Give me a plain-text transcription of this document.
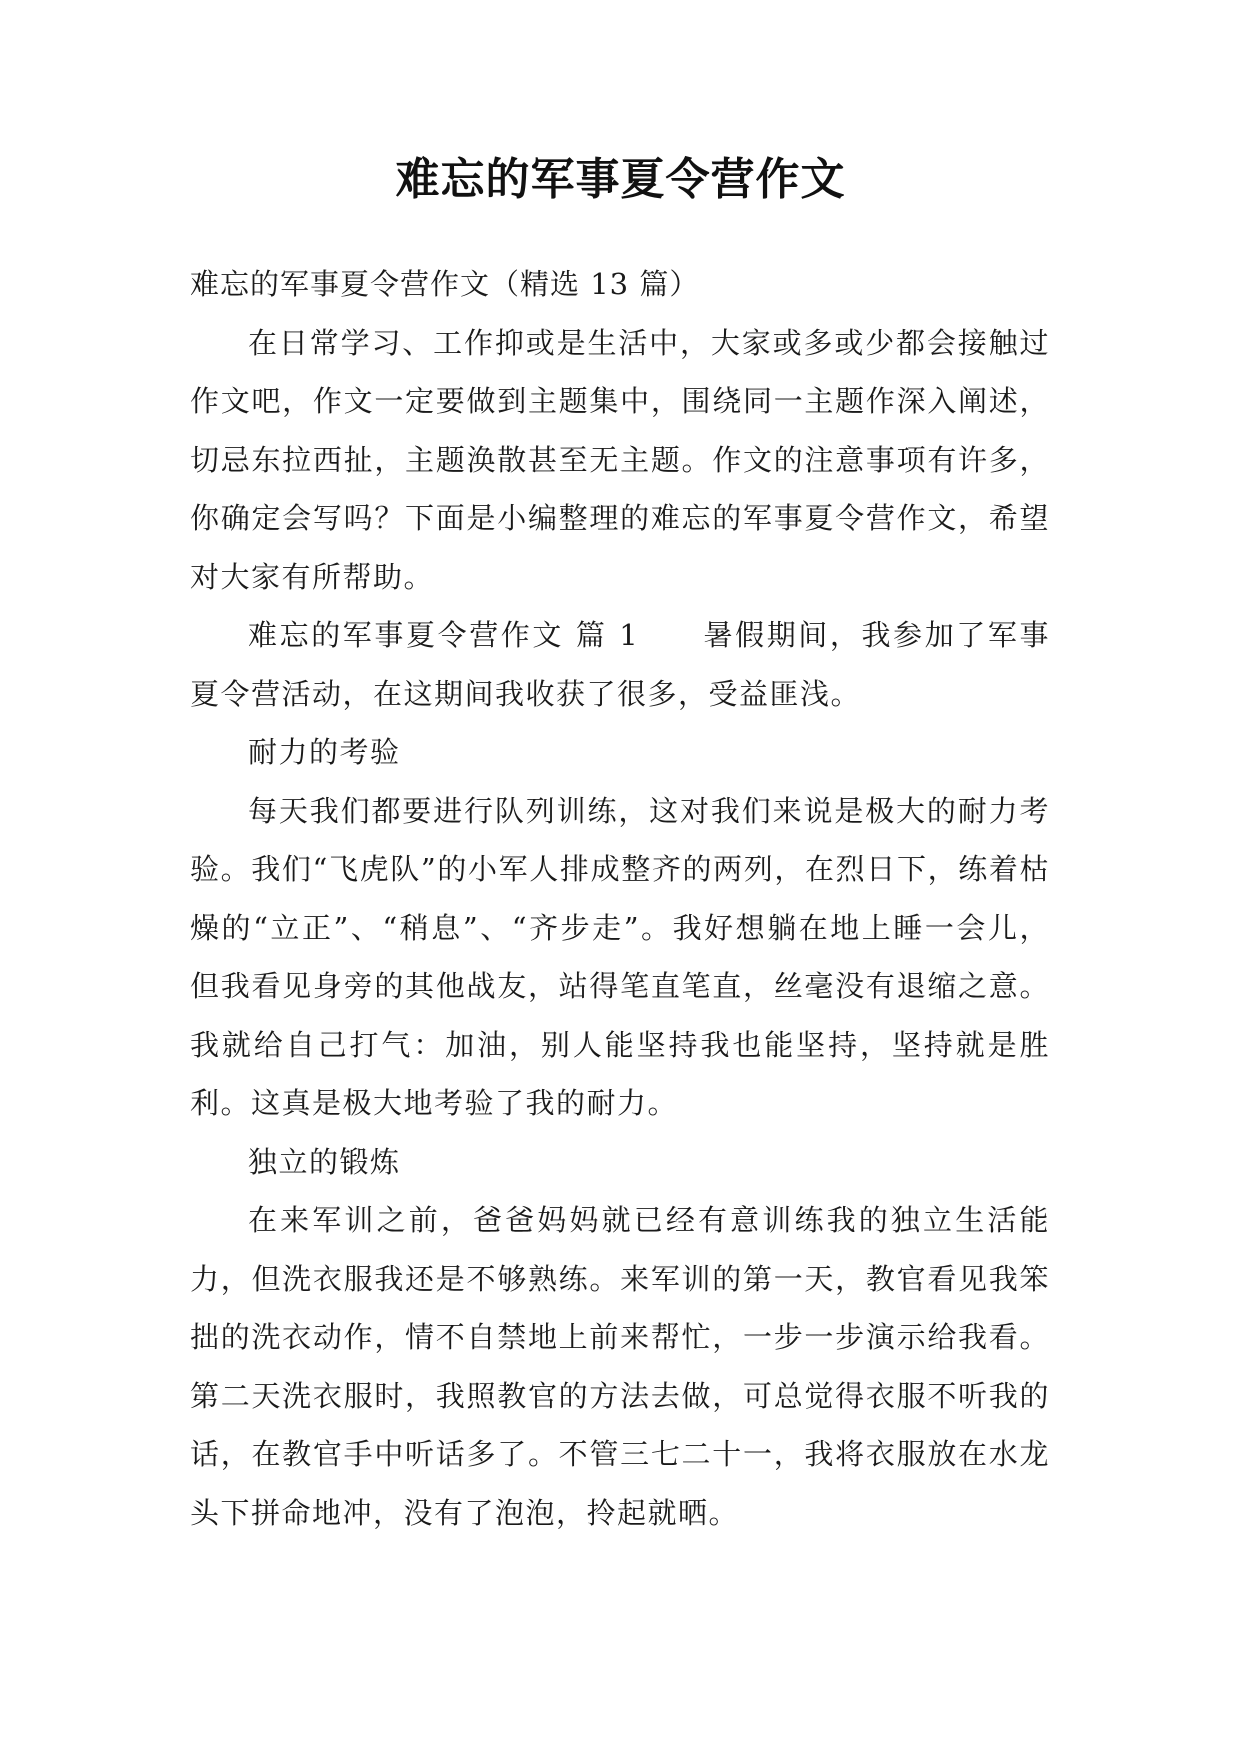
难忘的军事夏令营作文

难忘的军事夏令营作文（精选 13 篇）

在日常学习、工作抑或是生活中，大家或多或少都会接触过作文吧，作文一定要做到主题集中，围绕同一主题作深入阐述，切忌东拉西扯，主题涣散甚至无主题。作文的注意事项有许多，你确定会写吗？下面是小编整理的难忘的军事夏令营作文，希望对大家有所帮助。

难忘的军事夏令营作文 篇 1　　暑假期间，我参加了军事夏令营活动，在这期间我收获了很多，受益匪浅。

耐力的考验

每天我们都要进行队列训练，这对我们来说是极大的耐力考验。我们“飞虎队”的小军人排成整齐的两列，在烈日下，练着枯燥的“立正”、“稍息”、“齐步走”。我好想躺在地上睡一会儿，但我看见身旁的其他战友，站得笔直笔直，丝毫没有退缩之意。我就给自己打气：加油，别人能坚持我也能坚持，坚持就是胜利。这真是极大地考验了我的耐力。

独立的锻炼

在来军训之前，爸爸妈妈就已经有意训练我的独立生活能力，但洗衣服我还是不够熟练。来军训的第一天，教官看见我笨拙的洗衣动作，情不自禁地上前来帮忙，一步一步演示给我看。第二天洗衣服时，我照教官的方法去做，可总觉得衣服不听我的话，在教官手中听话多了。不管三七二十一，我将衣服放在水龙头下拼命地冲，没有了泡泡，拎起就晒。
